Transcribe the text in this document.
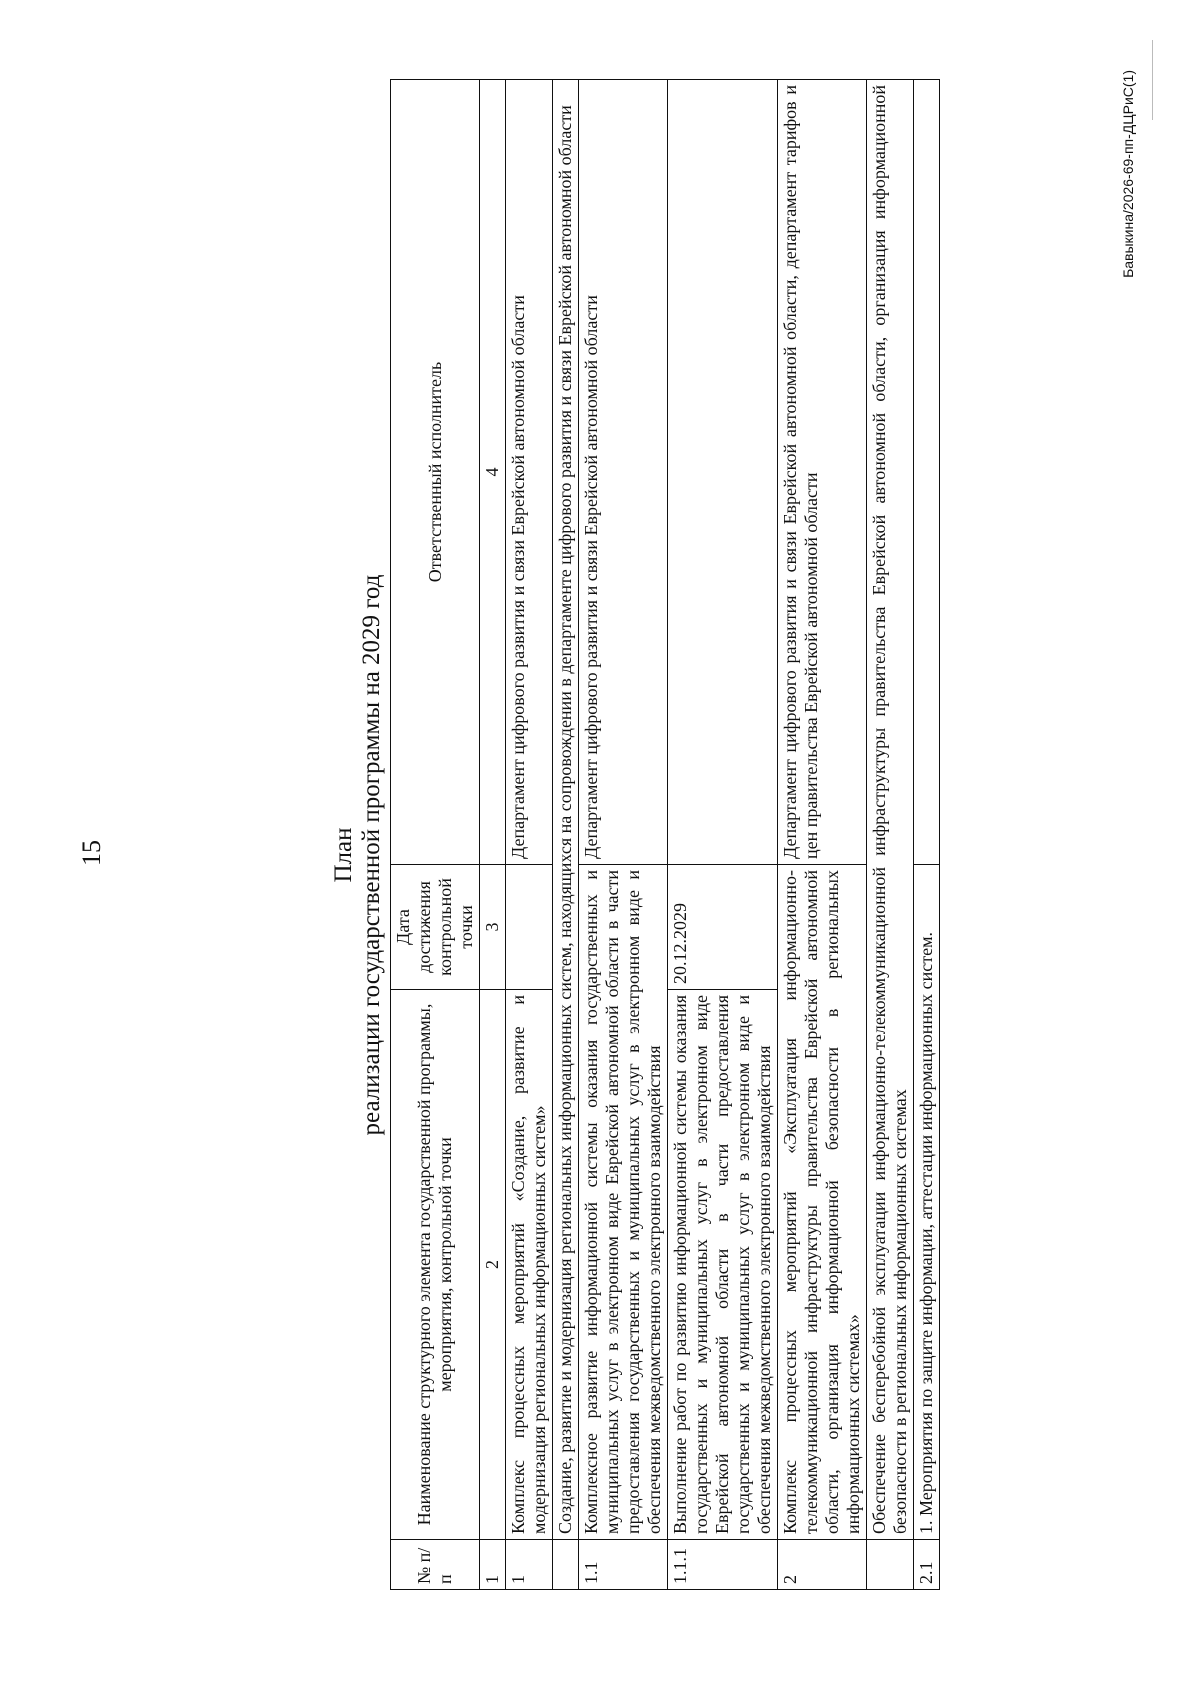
15	План реализации государственной программы на 2029 год

№ п/п	Наименование структурного элемента государственной программы, мероприятия, контрольной точки	Дата достижения контрольной точки	Ответственный исполнитель
1	2	3	4
1	Комплекс процессных мероприятий «Создание, развитие и модернизация региональных информационных систем»		Департамент цифрового развития и связи Еврейской автономной области
	Создание, развитие и модернизация региональных информационных систем, находящихся на сопровождении в департаменте цифрового развития и связи Еврейской автономной области		
1.1	Комплексное развитие информационной системы оказания государственных и муниципальных услуг в электронном виде Еврейской автономной области в части предоставления государственных и муниципальных услуг в электронном виде и обеспечения межведомственного электронного взаимодействия		Департамент цифрового развития и связи Еврейской автономной области
1.1.1	Выполнение работ по развитию информационной системы оказания государственных и муниципальных услуг в электронном виде Еврейской автономной области в части предоставления государственных и муниципальных услуг в электронном виде и обеспечения межведомственного электронного взаимодействия	20.12.2029	
2	Комплекс процессных мероприятий «Эксплуатация информационно-телекоммуникационной инфраструктуры правительства Еврейской автономной области, организация информационной безопасности в региональных информационных системах»		Департамент цифрового развития и связи Еврейской автономной области, департамент тарифов и цен правительства Еврейской автономной области
	Обеспечение бесперебойной эксплуатации информационно-телекоммуникационной инфраструктуры правительства Еврейской автономной области, организация информационной безопасности в региональных информационных системах		
2.1	1. Мероприятия по защите информации, аттестации информационных систем.		
Бавыкина/2026-69-пп-ДЦРиС(1)
